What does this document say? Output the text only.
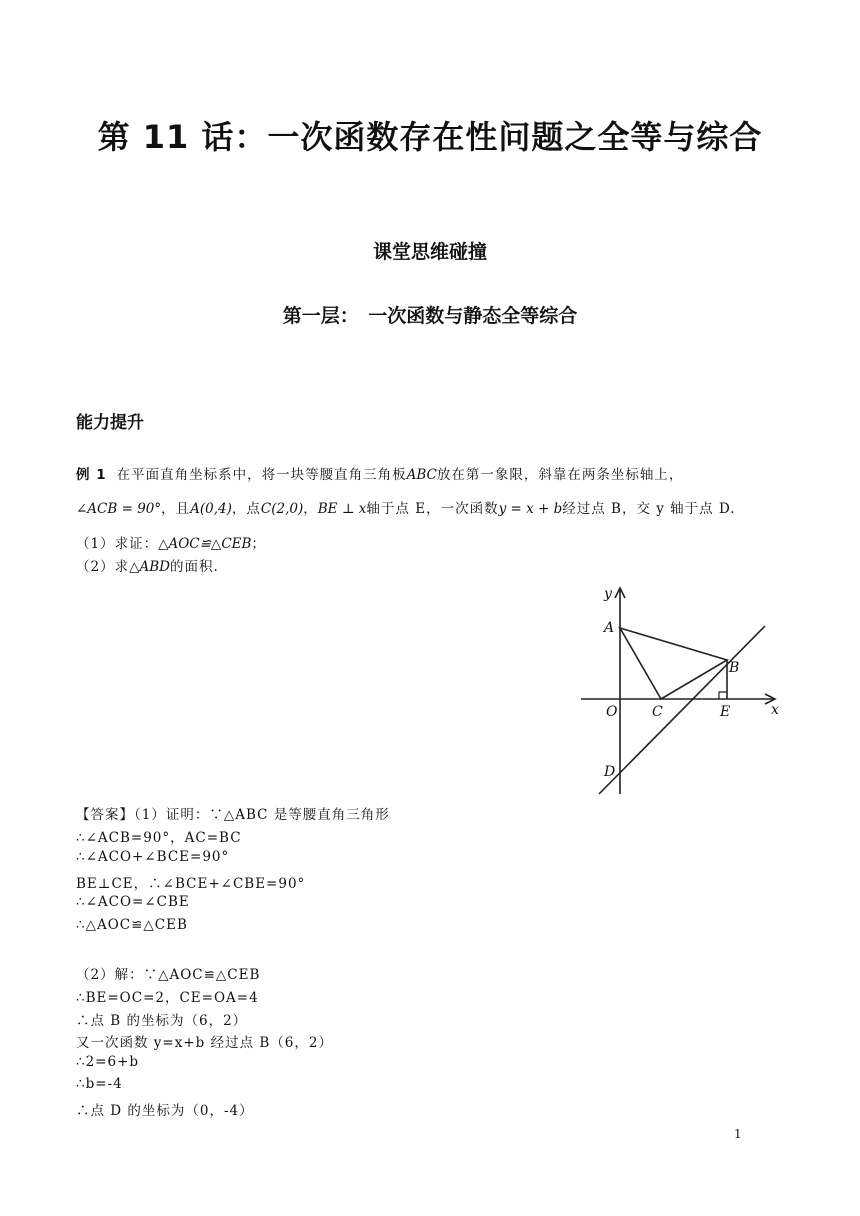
第 11 话：一次函数存在性问题之全等与综合
课堂思维碰撞
第一层：　一次函数与静态全等综合
能力提升
例 1 在平面直角坐标系中，将一块等腰直角三角板ABC放在第一象限，斜靠在两条坐标轴上，
∠ACB = 90°，且A(0,4)，点C(2,0)，BE ⊥ x轴于点 E，一次函数y = x + b经过点 B，交 y 轴于点 D.
（1）求证：△AOC≌△CEB；
（2）求△ABD的面积.
y
x
A
B
O C	E
D
【答案】（1）证明：∵△ABC 是等腰直角三角形
∴∠ACB=90°，AC=BC
∴∠ACO+∠BCE=90°
BE⊥CE，∴∠BCE+∠CBE=90°
∴∠ACO=∠CBE
∴△AOC≌△CEB
（2）解：∵△AOC≌△CEB
∴BE=OC=2，CE=OA=4
∴点 B 的坐标为（6，2）
又一次函数 y=x+b 经过点 B（6，2）
∴2=6+b
∴b=-4
∴点 D 的坐标为（0，-4）
1
